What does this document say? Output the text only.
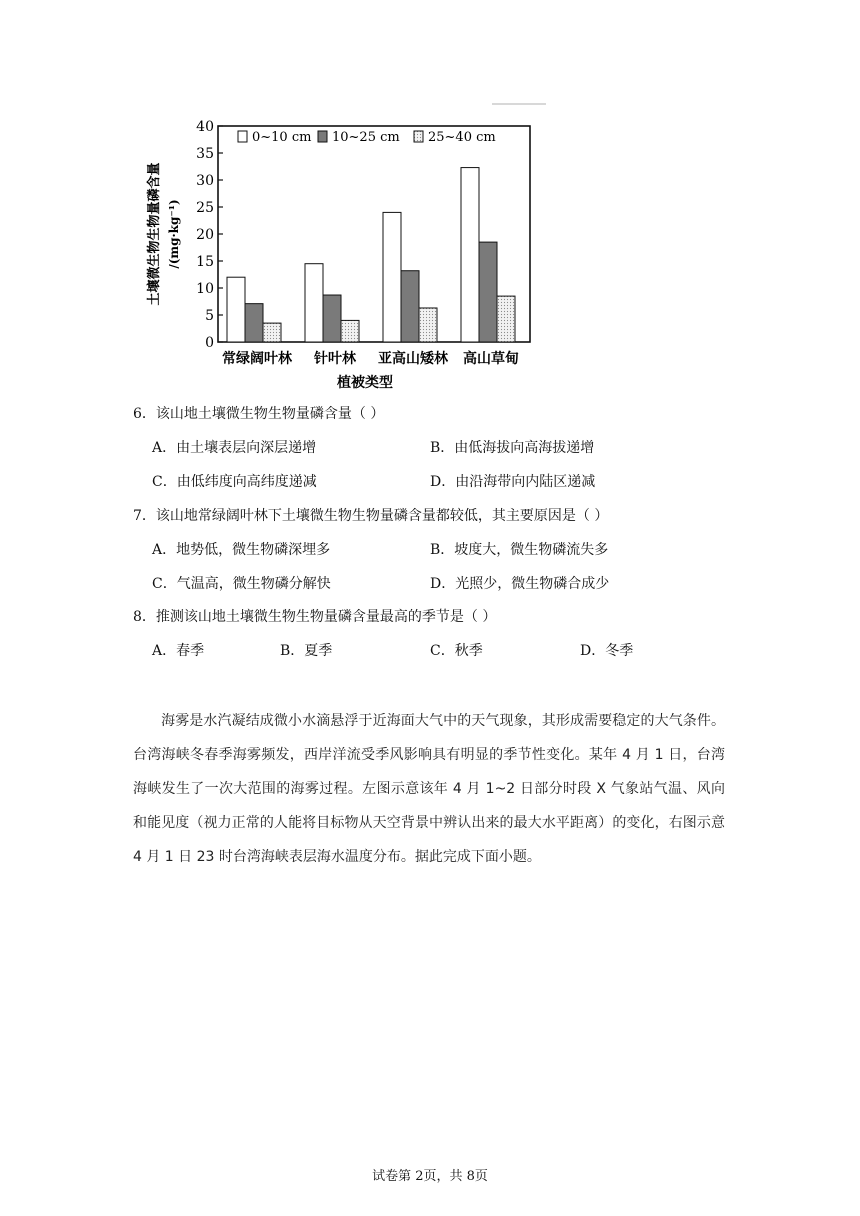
土壤微生物生物量磷含量 /(mg·kg⁻¹)
0
5
10
15
20
25
30
35
40
0~10 cm 10~25 cm 25~40 cm
常绿阔叶林 针叶林 亚高山矮林 高山草甸
植被类型
6．该山地土壤微生物生物量磷含量（ ）
A．由土壤表层向深层递增	B．由低海拔向高海拔递增
C．由低纬度向高纬度递减	D．由沿海带向内陆区递减
7．该山地常绿阔叶林下土壤微生物生物量磷含量都较低，其主要原因是（ ）
A．地势低，微生物磷深埋多	B．坡度大，微生物磷流失多
C．气温高，微生物磷分解快	D．光照少，微生物磷合成少
8．推测该山地土壤微生物生物量磷含量最高的季节是（ ）
A．春季	B．夏季	C．秋季	D．冬季
海雾是水汽凝结成微小水滴悬浮于近海面大气中的天气现象，其形成需要稳定的大气条件。台湾海峡冬春季海雾频发，西岸洋流受季风影响具有明显的季节性变化。某年 4 月 1 日，台湾海峡发生了一次大范围的海雾过程。左图示意该年 4 月 1~2 日部分时段 X 气象站气温、风向和能见度（视力正常的人能将目标物从天空背景中辨认出来的最大水平距离）的变化，右图示意 4 月 1 日 23 时台湾海峡表层海水温度分布。据此完成下面小题。
试卷第 2页，共 8页
